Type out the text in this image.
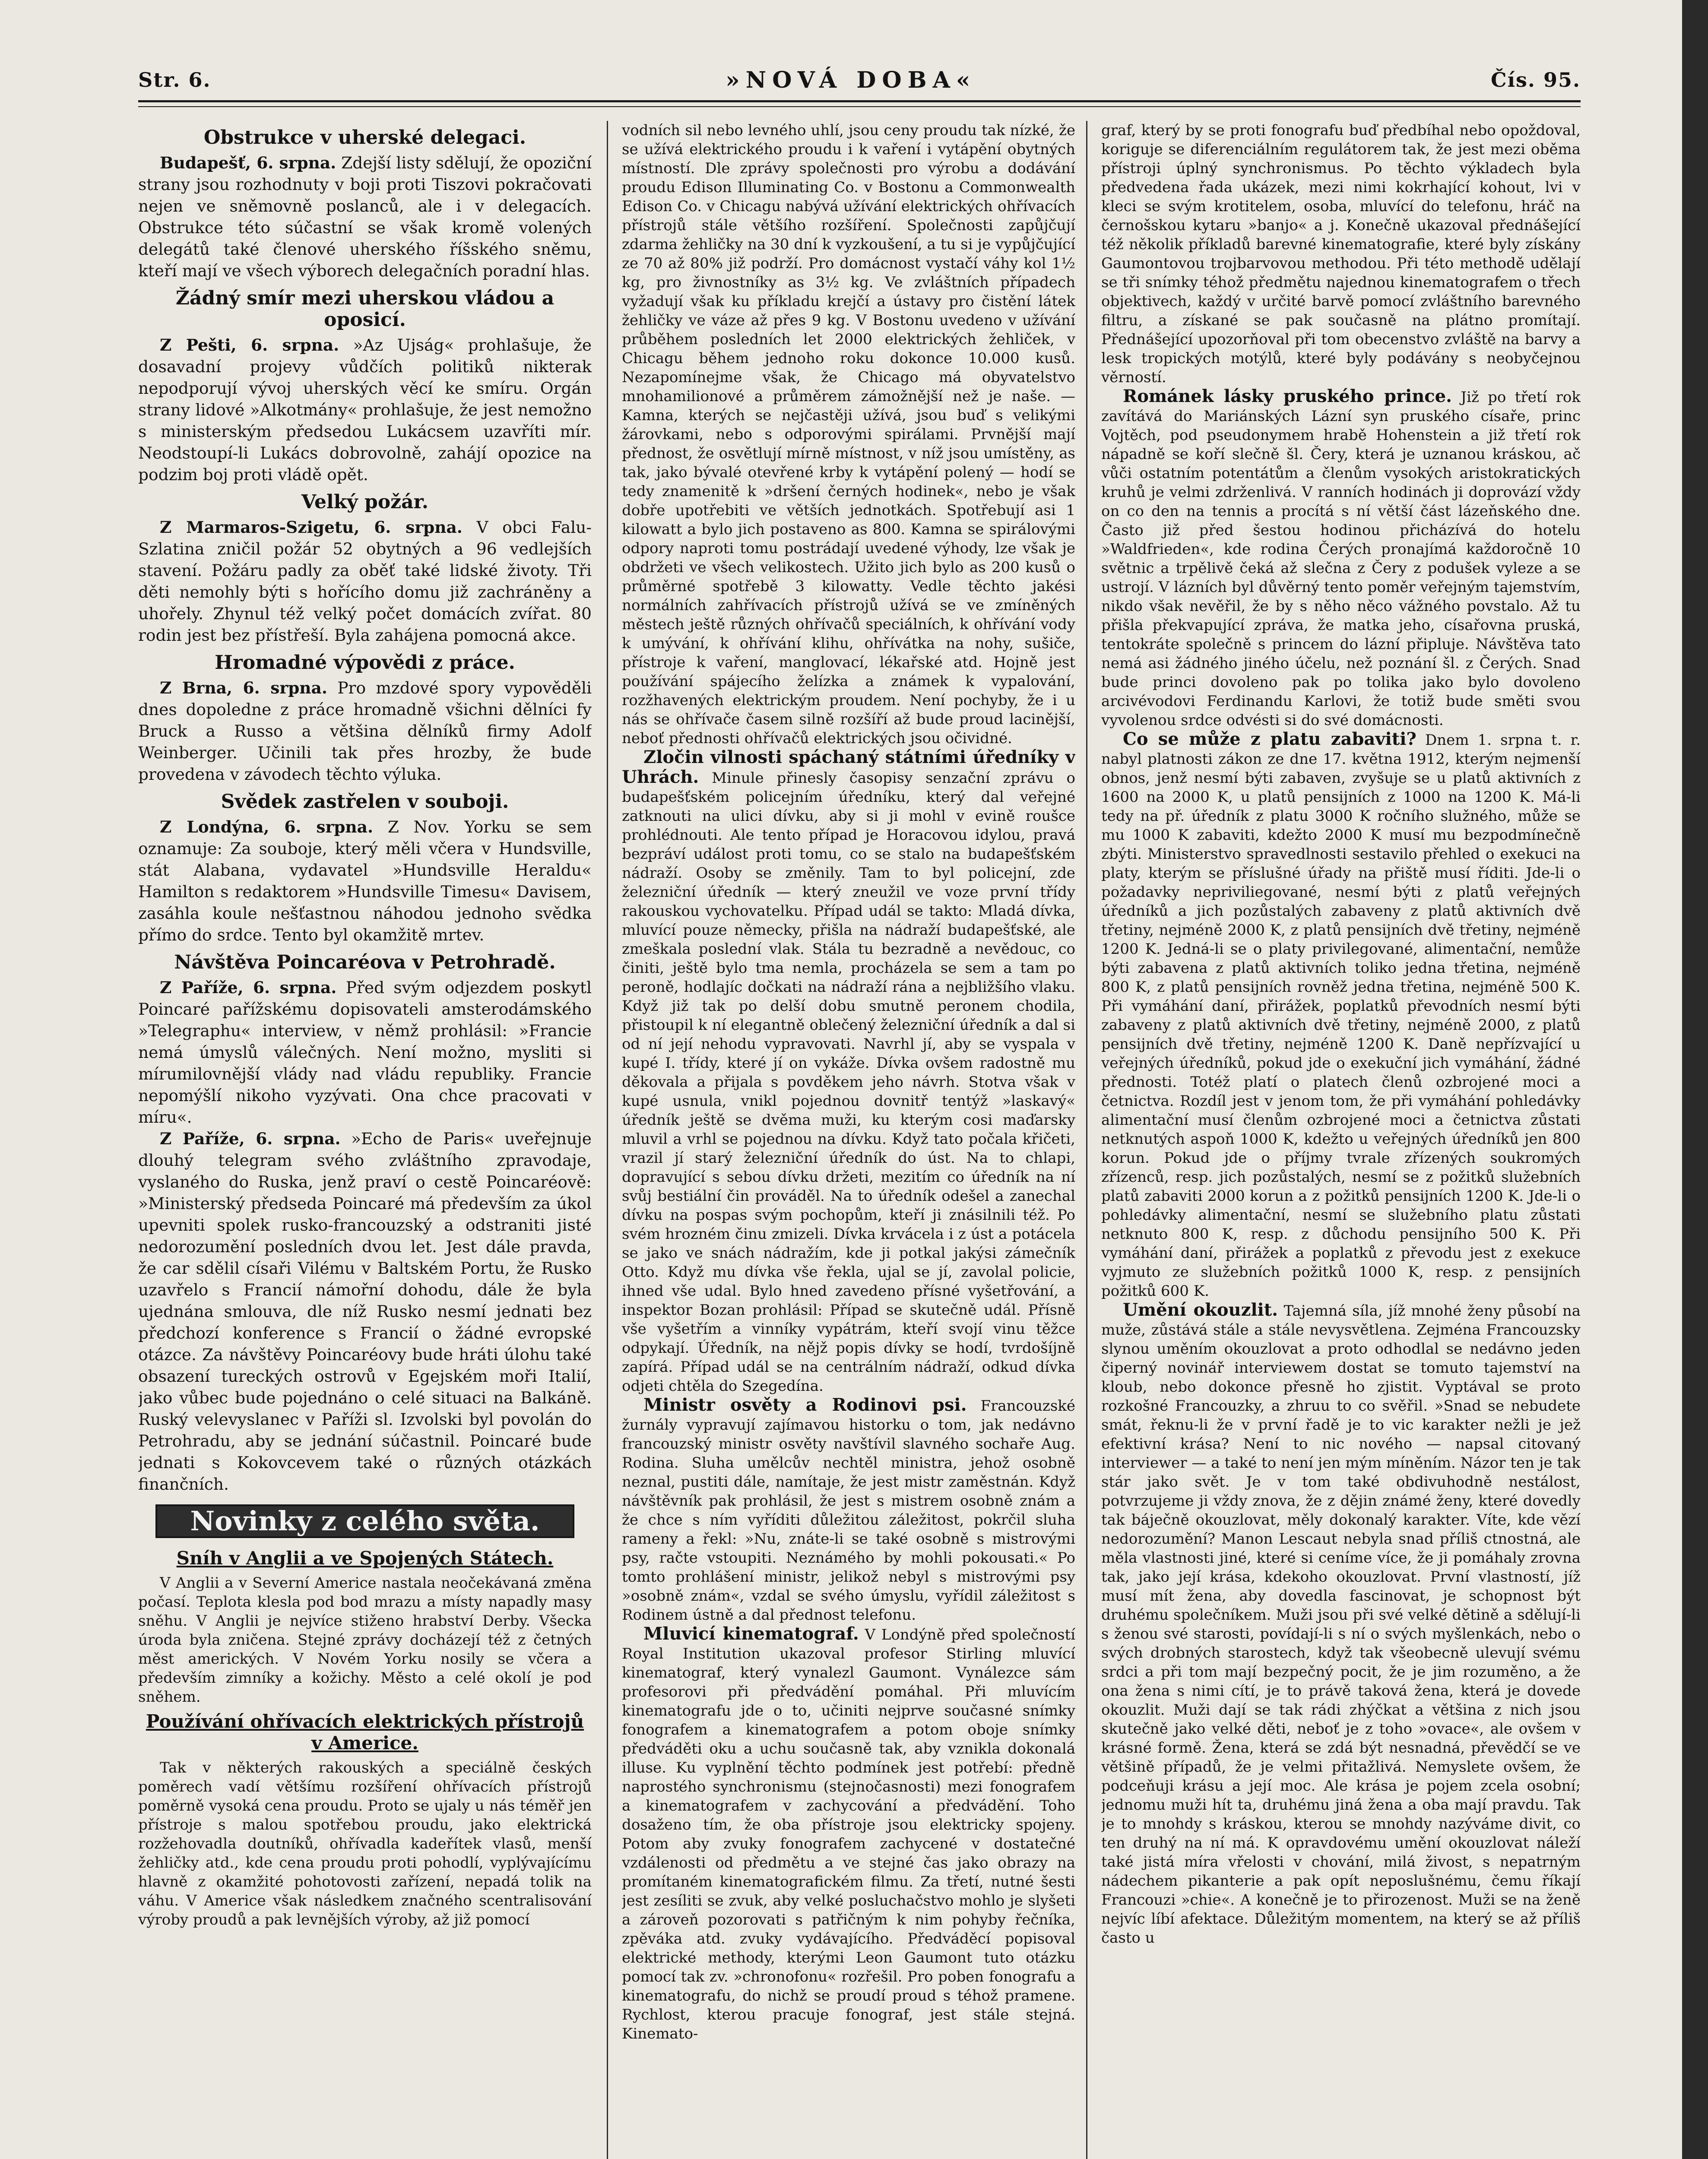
Str. 6.	»NOVÁ DOBA«	Čís. 95.
Obstrukce v uherské delegaci.

Budapešť, 6. srpna. Zdejší listy sdělují, že opoziční strany jsou rozhodnuty v boji proti Tiszovi pokračovati nejen ve sněmovně poslanců, ale i v delegacích. Obstrukce této súčastní se však kromě volených delegátů také členové uherského říšského sněmu, kteří mají ve všech výborech delegačních poradní hlas.

Žádný smír mezi uherskou vládou a oposicí.

Z Pešti, 6. srpna. »Az Ujság« prohlašuje, že dosavadní projevy vůdčích politiků nikterak nepodporují vývoj uherských věcí ke smíru. Orgán strany lidové »Alkotmány« prohlašuje, že jest nemožno s ministerským předsedou Lukácsem uzavříti mír. Neodstoupí-li Lukács dobrovolně, zahájí opozice na podzim boj proti vládě opět.

Velký požár.

Z Marmaros-Szigetu, 6. srpna. V obci Falu-Szlatina zničil požár 52 obytných a 96 vedlejších stavení. Požáru padly za oběť také lidské životy. Tři děti nemohly býti s hořícího domu již zachráněny a uhořely. Zhynul též velký počet domácích zvířat. 80 rodin jest bez přístřeší. Byla zahájena pomocná akce.

Hromadné výpovědi z práce.

Z Brna, 6. srpna. Pro mzdové spory vypověděli dnes dopoledne z práce hromadně všichni dělníci fy Bruck a Russo a většina dělníků firmy Adolf Weinberger. Učinili tak přes hrozby, že bude provedena v závodech těchto výluka.

Svědek zastřelen v souboji.

Z Londýna, 6. srpna. Z Nov. Yorku se sem oznamuje: Za souboje, který měli včera v Hundsville, stát Alabana, vydavatel »Hundsville Heraldu« Hamilton s redaktorem »Hundsville Timesu« Davisem, zasáhla koule nešťastnou náhodou jednoho svědka přímo do srdce. Tento byl okamžitě mrtev.

Návštěva Poincaréova v Petrohradě.

Z Paříže, 6. srpna. Před svým odjezdem poskytl Poincaré pařížskému dopisovateli amsterodámského »Telegraphu« interview, v němž prohlásil: »Francie nemá úmyslů válečných. Není možno, mysliti si mírumilovnější vlády nad vládu republiky. Francie nepomýšlí nikoho vyzývati. Ona chce pracovati v míru«.

Z Paříže, 6. srpna. »Echo de Paris« uveřejnuje dlouhý telegram svého zvláštního zpravodaje, vyslaného do Ruska, jenž praví o cestě Poincaréově: »Ministerský předseda Poincaré má především za úkol upevniti spolek rusko-francouzský a odstraniti jisté nedorozumění posledních dvou let. Jest dále pravda, že car sdělil císaři Vilému v Baltském Portu, že Rusko uzavřelo s Francií námořní dohodu, dále že byla ujednána smlouva, dle níž Rusko nesmí jednati bez předchozí konference s Francií o žádné evropské otázce. Za návštěvy Poincaréovy bude hráti úlohu také obsazení tureckých ostrovů v Egejském moři Italií, jako vůbec bude pojednáno o celé situaci na Balkáně. Ruský velevyslanec v Paříži sl. Izvolski byl povolán do Petrohradu, aby se jednání súčastnil. Poincaré bude jednati s Kokovcevem také o různých otázkách finančních.

Novinky z celého světa.
Sníh v Anglii a ve Spojených Státech.

V Anglii a v Severní Americe nastala neočekávaná změna počasí. Teplota klesla pod bod mrazu a místy napadly masy sněhu. V Anglii je nejvíce stiženo hrabství Derby. Všecka úroda byla zničena. Stejné zprávy docházejí též z četných měst amerických. V Novém Yorku nosily se včera a především zimníky a kožichy. Město a celé okolí je pod sněhem.

Používání ohřívacích elektrických přístrojů v Americe.

Tak v některých rakouských a speciálně českých poměrech vadí většímu rozšíření ohřívacích přístrojů poměrně vysoká cena proudu. Proto se ujaly u nás téměř jen přístroje s malou spotřebou proudu, jako elektrická rozžehovadla doutníků, ohřívadla kadeřítek vlasů, menší žehličky atd., kde cena proudu proti pohodlí, vyplývajícímu hlavně z okamžité pohotovosti zařízení, nepadá tolik na váhu. V Americe však následkem značného scentralisování výroby proudů a pak levnějších výroby, až již pomocí

vodních sil nebo levného uhlí, jsou ceny proudu tak nízké, že se užívá elektrického proudu i k vaření i vytápění obytných místností. Dle zprávy společnosti pro výrobu a dodávání proudu Edison Illuminating Co. v Bostonu a Commonwealth Edison Co. v Chicagu nabývá užívání elektrických ohřívacích přístrojů stále většího rozšíření. Společnosti zapůjčují zdarma žehličky na 30 dní k vyzkoušení, a tu si je vypůjčující ze 70 až 80% již podrží. Pro domácnost vystačí váhy kol 1½ kg, pro živnostníky as 3½ kg. Ve zvláštních případech vyžadují však ku příkladu krejčí a ústavy pro čistění látek žehličky ve váze až přes 9 kg. V Bostonu uvedeno v užívání průběhem posledních let 2000 elektrických žehliček, v Chicagu během jednoho roku dokonce 10.000 kusů. Nezapomínejme však, že Chicago má obyvatelstvo mnohamilionové a průměrem zámožnější než je naše. — Kamna, kterých se nejčastěji užívá, jsou buď s velikými žárovkami, nebo s odporovými spirálami. Prvnější mají přednost, že osvětlují mírně místnost, v níž jsou umístěny, as tak, jako bývalé otevřené krby k vytápění polený — hodí se tedy znamenitě k »dršení černých hodinek«, nebo je však dobře upotřebiti ve větších jednotkách. Spotřebují asi 1 kilowatt a bylo jich postaveno as 800. Kamna se spirálovými odpory naproti tomu postrádají uvedené výhody, lze však je obdržeti ve všech velikostech. Užito jich bylo as 200 kusů o průměrné spotřebě 3 kilowatty. Vedle těchto jakési normálních zahřívacích přístrojů užívá se ve zmíněných městech ještě různých ohřívačů speciálních, k ohřívání vody k umývání, k ohřívání klihu, ohřívátka na nohy, sušiče, přístroje k vaření, manglovací, lékařské atd. Hojně jest používání spájecího želízka a známek k vypalování, rozžhavených elektrickým proudem. Není pochyby, že i u nás se ohřívače časem silně rozšíří až bude proud lacinější, neboť přednosti ohřívačů elektrických jsou očividné.

Zločin vilnosti spáchaný státními úředníky v Uhrách. Minule přinesly časopisy senzační zprávu o budapešťském policejním úředníku, který dal veřejné zatknouti na ulici dívku, aby si ji mohl v evině roušce prohlédnouti. Ale tento případ je Horacovou idylou, pravá bezpráví událost proti tomu, co se stalo na budapešťském nádraží. Osoby se změnily. Tam to byl policejní, zde železniční úředník — který zneužil ve voze první třídy rakouskou vychovatelku. Případ udál se takto: Mladá dívka, mluvící pouze německy, přišla na nádraží budapešťské, ale zmeškala poslední vlak. Stála tu bezradně a nevědouc, co činiti, ještě bylo tma nemla, procházela se sem a tam po peroně, hodlajíc dočkati na nádraží rána a nejbližšího vlaku. Když již tak po delší dobu smutně peronem chodila, přistoupil k ní elegantně oblečený železniční úředník a dal si od ní její nehodu vypravovati. Navrhl jí, aby se vyspala v kupé I. třídy, které jí on vykáže. Dívka ovšem radostně mu děkovala a přijala s povděkem jeho návrh. Stotva však v kupé usnula, vnikl pojednou dovnitř tentýž »laskavý« úředník ještě se dvěma muži, ku kterým cosi maďarsky mluvil a vrhl se pojednou na dívku. Když tato počala křičeti, vrazil jí starý železniční úředník do úst. Na to chlapi, dopravující s sebou dívku držeti, mezitím co úředník na ní svůj bestiální čin prováděl. Na to úředník odešel a zanechal dívku na pospas svým pochopům, kteří ji znásilnili též. Po svém hrozném činu zmizeli. Dívka krvácela i z úst a potácela se jako ve snách nádražím, kde ji potkal jakýsi zámečník Otto. Když mu dívka vše řekla, ujal se jí, zavolal policie, ihned vše udal. Bylo hned zavedeno přísné vyšetřování, a inspektor Bozan prohlásil: Případ se skutečně udál. Přísně vše vyšetřím a vinníky vypátrám, kteří svojí vinu těžce odpykají. Úředník, na nějž popis dívky se hodí, tvrdošíjně zapírá. Případ udál se na centrálním nádraží, odkud dívka odjeti chtěla do Szegedína.

Ministr osvěty a Rodinovi psi. Francouzské žurnály vypravují zajímavou historku o tom, jak nedávno francouzský ministr osvěty navštívil slavného sochaře Aug. Rodina. Sluha umělcův nechtěl ministra, jehož osobně neznal, pustiti dále, namítaje, že jest mistr zaměstnán. Když návštěvník pak prohlásil, že jest s mistrem osobně znám a že chce s ním vyříditi důležitou záležitost, pokrčil sluha rameny a řekl: »Nu, znáte-li se také osobně s mistrovými psy, račte vstoupiti. Neznámého by mohli pokousati.« Po tomto prohlášení ministr, jelikož nebyl s mistrovými psy »osobně znám«, vzdal se svého úmyslu, vyřídil záležitost s Rodinem ústně a dal přednost telefonu.

Mluvicí kinematograf. V Londýně před společností Royal Institution ukazoval profesor Stirling mluvící kinematograf, který vynalezl Gaumont. Vynálezce sám profesorovi při předvádění pomáhal. Při mluvícím kinematografu jde o to, učiniti nejprve současné snímky fonografem a kinematografem a potom oboje snímky předváděti oku a uchu současně tak, aby vznikla dokonalá illuse. Ku vyplnění těchto podmínek jest potřebí: předně naprostého synchronismu (stejnočasnosti) mezi fonografem a kinematografem v zachycování a předvádění. Toho dosaženo tím, že oba přístroje jsou elektricky spojeny. Potom aby zvuky fonografem zachycené v dostatečné vzdálenosti od předmětu a ve stejné čas jako obrazy na promítaném kinematografickém filmu. Za třetí, nutné šesti jest zesíliti se zvuk, aby velké posluchačstvo mohlo je slyšeti a zároveň pozorovati s patřičným k nim pohyby řečníka, zpěváka atd. zvuky vydávajícího. Předváděcí popisoval elektrické methody, kterými Leon Gaumont tuto otázku pomocí tak zv. »chronofonu« rozřešil. Pro poben fonografu a kinematografu, do nichž se proudí proud s téhož pramene. Rychlost, kterou pracuje fonograf, jest stále stejná. Kinemato-

graf, který by se proti fonografu buď předbíhal nebo opoždoval, koriguje se diferenciálním regulátorem tak, že jest mezi oběma přístroji úplný synchronismus. Po těchto výkladech byla předvedena řada ukázek, mezi nimi kokrhající kohout, lvi v kleci se svým krotitelem, osoba, mluvící do telefonu, hráč na černošskou kytaru »banjo« a j. Konečně ukazoval přednášející též několik příkladů barevné kinematografie, které byly získány Gaumontovou trojbarvovou methodou. Při této methodě udělají se tři snímky téhož předmětu najednou kinematografem o třech objektivech, každý v určité barvě pomocí zvláštního barevného filtru, a získané se pak současně na plátno promítají. Přednášející upozorňoval při tom obecenstvo zvláště na barvy a lesk tropických motýlů, které byly podávány s neobyčejnou věrností.

Románek lásky pruského prince. Již po třetí rok zavítává do Mariánských Lázní syn pruského císaře, princ Vojtěch, pod pseudonymem hrabě Hohenstein a již třetí rok nápadně se koří slečně šl. Čery, která je uznanou kráskou, ač vůči ostatním potentátům a členům vysokých aristokratických kruhů je velmi zdrženlivá. V ranních hodinách ji doprovází vždy on co den na tennis a procítá s ní větší část lázeňského dne. Často již před šestou hodinou přicházívá do hotelu »Waldfrieden«, kde rodina Čerých pronajímá každoročně 10 světnic a trpělivě čeká až slečna z Čery z podušek vyleze a se ustrojí. V lázních byl důvěrný tento poměr veřejným tajemstvím, nikdo však nevěřil, že by s něho něco vážného povstalo. Až tu přišla překvapující zpráva, že matka jeho, císařovna pruská, tentokráte společně s princem do lázní připluje. Návštěva tato nemá asi žádného jiného účelu, než poznání šl. z Čerých. Snad bude princi dovoleno pak po tolika jako bylo dovoleno arcivévodovi Ferdinandu Karlovi, že totiž bude směti svou vyvolenou srdce odvésti si do své domácnosti.

Co se může z platu zabaviti? Dnem 1. srpna t. r. nabyl platnosti zákon ze dne 17. května 1912, kterým nejmenší obnos, jenž nesmí býti zabaven, zvyšuje se u platů aktivních z 1600 na 2000 K, u platů pensijních z 1000 na 1200 K. Má-li tedy na př. úředník z platu 3000 K ročního služného, může se mu 1000 K zabaviti, kdežto 2000 K musí mu bezpodmínečně zbýti. Ministerstvo spravedlnosti sestavilo přehled o exekuci na platy, kterým se příslušné úřady na přiště musí říditi. Jde-li o požadavky nepriviliegované, nesmí býti z platů veřejných úředníků a jich pozůstalých zabaveny z platů aktivních dvě třetiny, nejméně 2000 K, z platů pensijních dvě třetiny, nejméně 1200 K. Jedná-li se o platy privilegované, alimentační, nemůže býti zabavena z platů aktivních toliko jedna třetina, nejméně 800 K, z platů pensijních rovněž jedna třetina, nejméně 500 K. Při vymáhání daní, přirážek, poplatků převodních nesmí býti zabaveny z platů aktivních dvě třetiny, nejméně 2000, z platů pensijních dvě třetiny, nejméně 1200 K. Daně nepřízvající u veřejných úředníků, pokud jde o exekuční jich vymáhání, žádné přednosti. Totéž platí o platech členů ozbrojené moci a četnictva. Rozdíl jest v jenom tom, že při vymáhání pohledávky alimentační musí členům ozbrojené moci a četnictva zůstati netknutých aspoň 1000 K, kdežto u veřejných úředníků jen 800 korun. Pokud jde o příjmy tvrale zřízených soukromých zřízenců, resp. jich pozůstalých, nesmí se z požitků služebních platů zabaviti 2000 korun a z požitků pensijních 1200 K. Jde-li o pohledávky alimentační, nesmí se služebního platu zůstati netknuto 800 K, resp. z důchodu pensijního 500 K. Při vymáhání daní, přirážek a poplatků z převodu jest z exekuce vyjmuto ze služebních požitků 1000 K, resp. z pensijních požitků 600 K.

Umění okouzlit. Tajemná síla, jíž mnohé ženy působí na muže, zůstává stále a stále nevysvětlena. Zejména Francouzsky slynou uměním okouzlovat a proto odhodlal se nedávno jeden čiperný novinář interviewem dostat se tomuto tajemství na kloub, nebo dokonce přesně ho zjistit. Vyptával se proto rozkošné Francouzky, a zhruu to co svěřil. »Snad se nebudete smát, řeknu-li že v první řadě je to vic karakter nežli je jež efektivní krása? Není to nic nového — napsal citovaný interviewer — a také to není jen mým míněním. Názor ten je tak stár jako svět. Je v tom také obdivuhodně nestálost, potvrzujeme ji vždy znova, že z dějin známé ženy, které dovedly tak báječně okouzlovat, měly dokonalý karakter. Víte, kde vězí nedorozumění? Manon Lescaut nebyla snad příliš ctnostná, ale měla vlastnosti jiné, které si ceníme více, že ji pomáhaly zrovna tak, jako její krása, kdekoho okouzlovat. První vlastností, jíž musí mít žena, aby dovedla fascinovat, je schopnost být druhému společníkem. Muži jsou při své velké dětině a sdělují-li s ženou své starosti, povídají-li s ní o svých myšlenkách, nebo o svých drobných starostech, když tak všeobecně ulevují svému srdci a při tom mají bezpečný pocit, že je jim rozuměno, a že ona žena s nimi cítí, je to právě taková žena, která je dovede okouzlit. Muži dají se tak rádi zhýčkat a většina z nich jsou skutečně jako velké děti, neboť je z toho »ovace«, ale ovšem v krásné formě. Žena, která se zdá být nesnadná, převědčí se ve většině případů, že je velmi přitažlivá. Nemyslete ovšem, že podceňuji krásu a její moc. Ale krása je pojem zcela osobní; jednomu muži hít ta, druhému jiná žena a oba mají pravdu. Tak je to mnohdy s kráskou, kterou se mnohdy nazýváme divit, co ten druhý na ní má. K opravdovému umění okouzlovat náleží také jistá míra vřelosti v chování, milá živost, s nepatrným nádechem pikanterie a pak opít neposlušnému, čemu říkají Francouzi »chie«. A konečně je to přirozenost. Muži se na ženě nejvíc líbí afektace. Důležitým momentem, na který se až příliš často u
